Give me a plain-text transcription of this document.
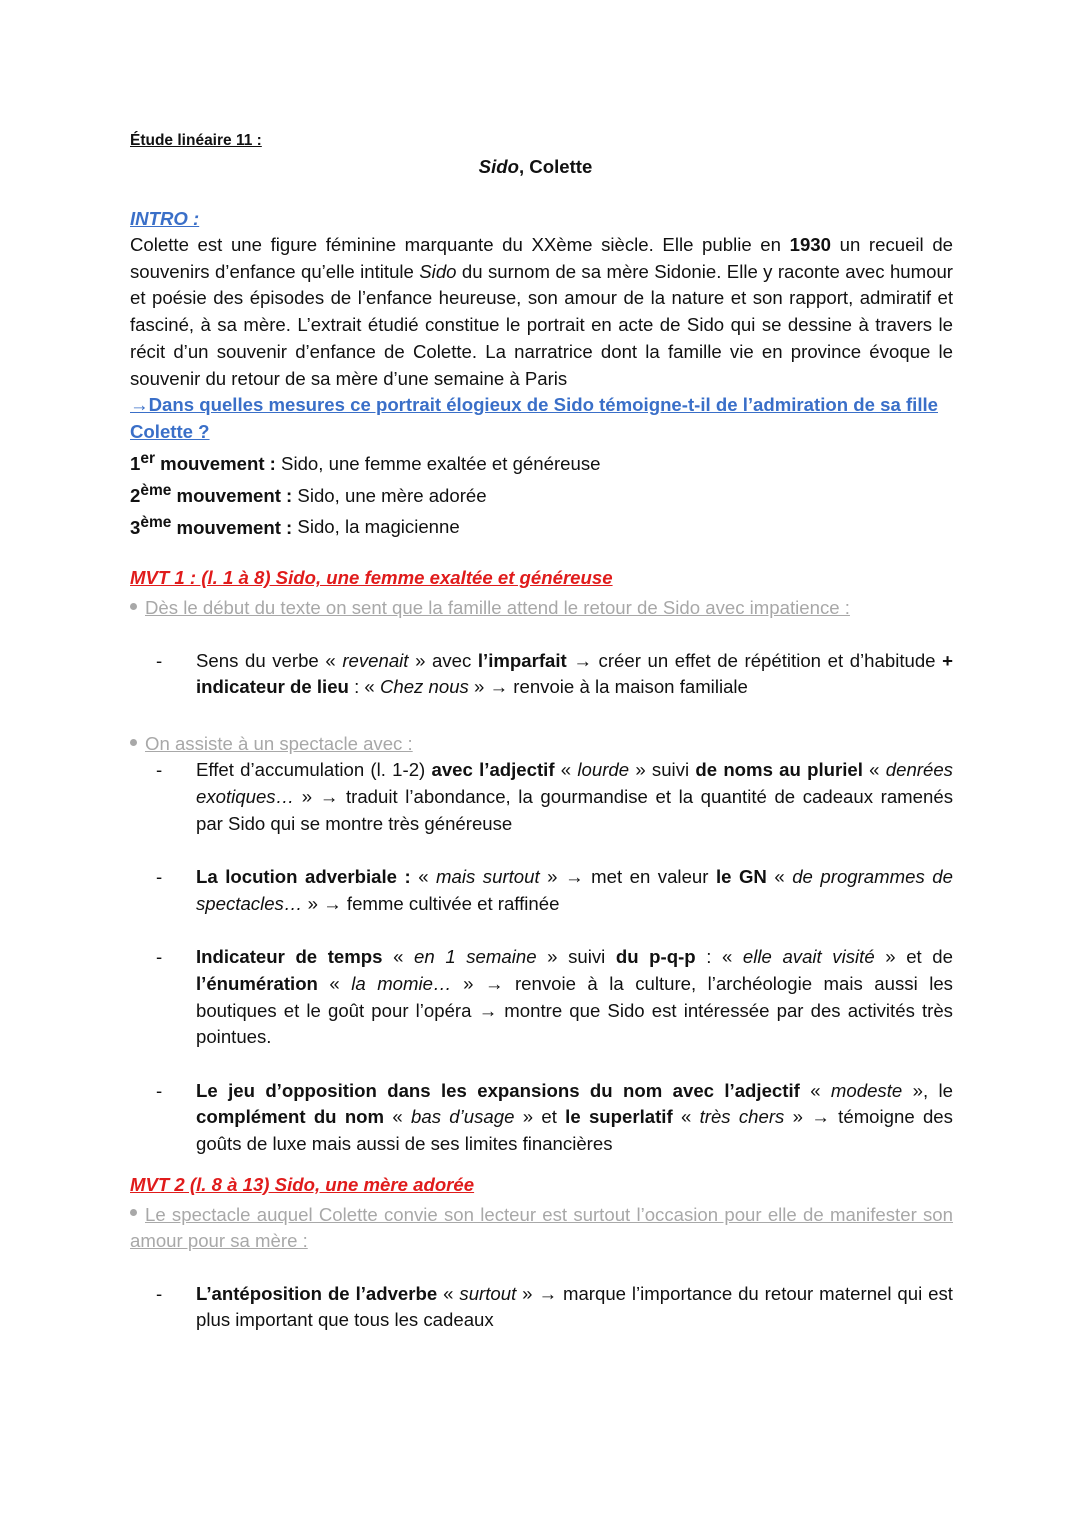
Étude linéaire 11 :
Sido, Colette
INTRO :
Colette est une figure féminine marquante du XXème siècle. Elle publie en 1930 un recueil de souvenirs d’enfance qu’elle intitule Sido du surnom de sa mère Sidonie. Elle y raconte avec humour et poésie des épisodes de l’enfance heureuse, son amour de la nature et son rapport, admiratif et fasciné, à sa mère. L’extrait étudié constitue le portrait en acte de Sido qui se dessine à travers le récit d’un souvenir d’enfance de Colette. La narratrice dont la famille vie en province évoque le souvenir du retour de sa mère d’une semaine à Paris
→Dans quelles mesures ce portrait élogieux de Sido témoigne-t-il de l’admiration de sa fille Colette ?
1er mouvement : Sido, une femme exaltée et généreuse
2ème mouvement : Sido, une mère adorée
3ème mouvement : Sido, la magicienne
MVT 1 : (l. 1 à 8) Sido, une femme exaltée et généreuse
Dès le début du texte on sent que la famille attend le retour de Sido avec impatience :
- Sens du verbe « revenait » avec l’imparfait → créer un effet de répétition et d’habitude + indicateur de lieu : « Chez nous » → renvoie à la maison familiale
On assiste à un spectacle avec :
- Effet d’accumulation (l. 1-2) avec l’adjectif « lourde » suivi de noms au pluriel « denrées exotiques… » → traduit l’abondance, la gourmandise et la quantité de cadeaux ramenés par Sido qui se montre très généreuse
- La locution adverbiale : « mais surtout » → met en valeur le GN « de programmes de spectacles… » → femme cultivée et raffinée
- Indicateur de temps « en 1 semaine » suivi du p-q-p : « elle avait visité » et de l’énumération « la momie… » → renvoie à la culture, l’archéologie mais aussi les boutiques et le goût pour l’opéra → montre que Sido est intéressée par des activités très pointues.
- Le jeu d’opposition dans les expansions du nom avec l’adjectif « modeste », le complément du nom « bas d’usage » et le superlatif « très chers » → témoigne des goûts de luxe mais aussi de ses limites financières
MVT 2 (l. 8 à 13) Sido, une mère adorée
Le spectacle auquel Colette convie son lecteur est surtout l’occasion pour elle de manifester son amour pour sa mère :
- L’antéposition de l’adverbe « surtout » → marque l’importance du retour maternel qui est plus important que tous les cadeaux
